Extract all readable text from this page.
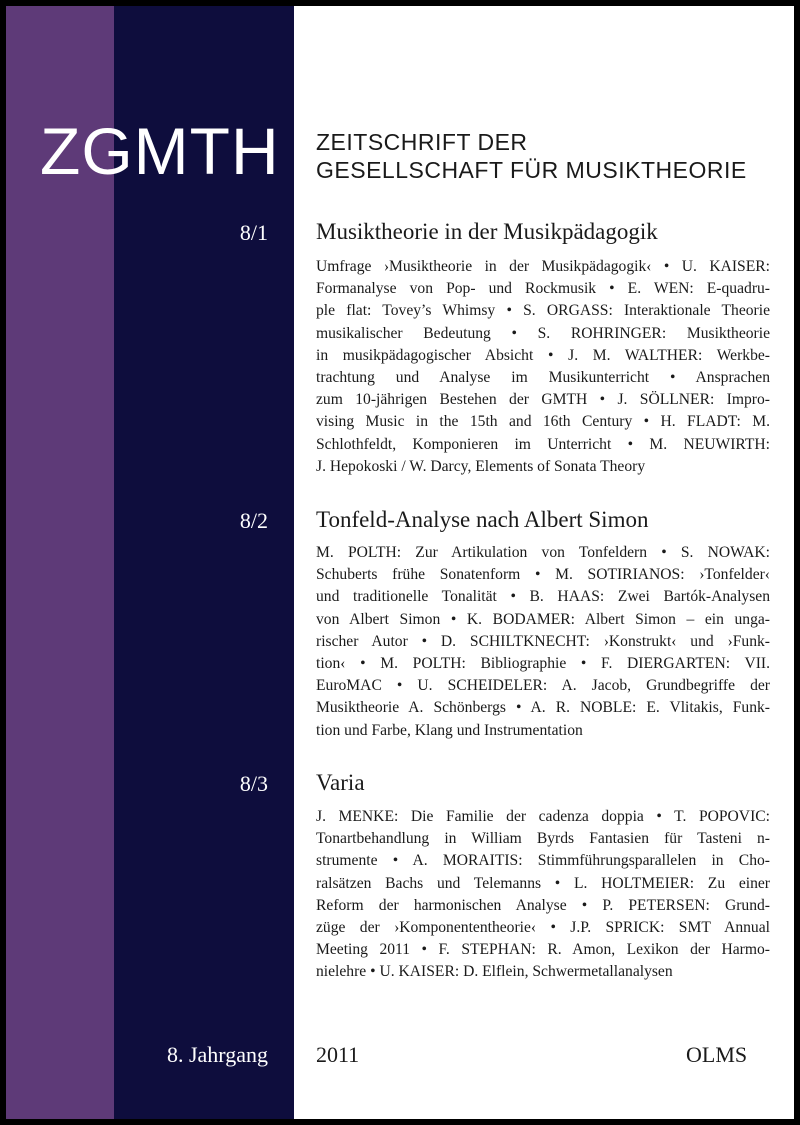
ZGMTH ZEITSCHRIFT DER
GESELLSCHAFT FÜR MUSIKTHEORIE
8/1 Musiktheorie in der Musikpädagogik
Umfrage ›Musiktheorie in der Musikpädagogik‹ • U. KAISER:
Formanalyse von Pop- und Rockmusik • E. WEN: E-quadru-
ple flat: Tovey’s Whimsy • S. ORGASS: Interaktionale Theorie
musikalischer Bedeutung • S. ROHRINGER: Musiktheorie
in musikpädagogischer Absicht • J. M. WALTHER: Werkbe-
trachtung und Analyse im Musikunterricht • Ansprachen
zum 10-jährigen Bestehen der GMTH • J. SÖLLNER: Impro-
vising Music in the 15th and 16th Century • H. FLADT: M.
Schlothfeldt, Komponieren im Unterricht • M. NEUWIRTH:
J. Hepokoski / W. Darcy, Elements of Sonata Theory
8/2 Tonfeld-Analyse nach Albert Simon
M. POLTH: Zur Artikulation von Tonfeldern • S. NOWAK:
Schuberts frühe Sonatenform • M. SOTIRIANOS: ›Tonfelder‹
und traditionelle Tonalität • B. HAAS: Zwei Bartók-Analysen
von Albert Simon • K. BODAMER: Albert Simon – ein unga-
rischer Autor • D. SCHILTKNECHT: ›Konstrukt‹ und ›Funk-
tion‹ • M. POLTH: Bibliographie • F. DIERGARTEN: VII.
EuroMAC • U. SCHEIDELER: A. Jacob, Grundbegriffe der
Musiktheorie A. Schönbergs • A. R. NOBLE: E. Vlitakis, Funk-
tion und Farbe, Klang und Instrumentation
8/3 Varia
J. MENKE: Die Familie der cadenza doppia • T. POPOVIC:
Tonartbehandlung in William Byrds Fantasien für Tasteni n-
strumente • A. MORAITIS: Stimmführungsparallelen in Cho-
ralsätzen Bachs und Telemanns • L. HOLTMEIER: Zu einer
Reform der harmonischen Analyse • P. PETERSEN: Grund-
züge der ›Komponententheorie‹ • J.P. SPRICK: SMT Annual
Meeting 2011 • F. STEPHAN: R. Amon, Lexikon der Harmo-
nielehre • U. KAISER: D. Elflein, Schwermetallanalysen
8. Jahrgang 2011	OLMS
